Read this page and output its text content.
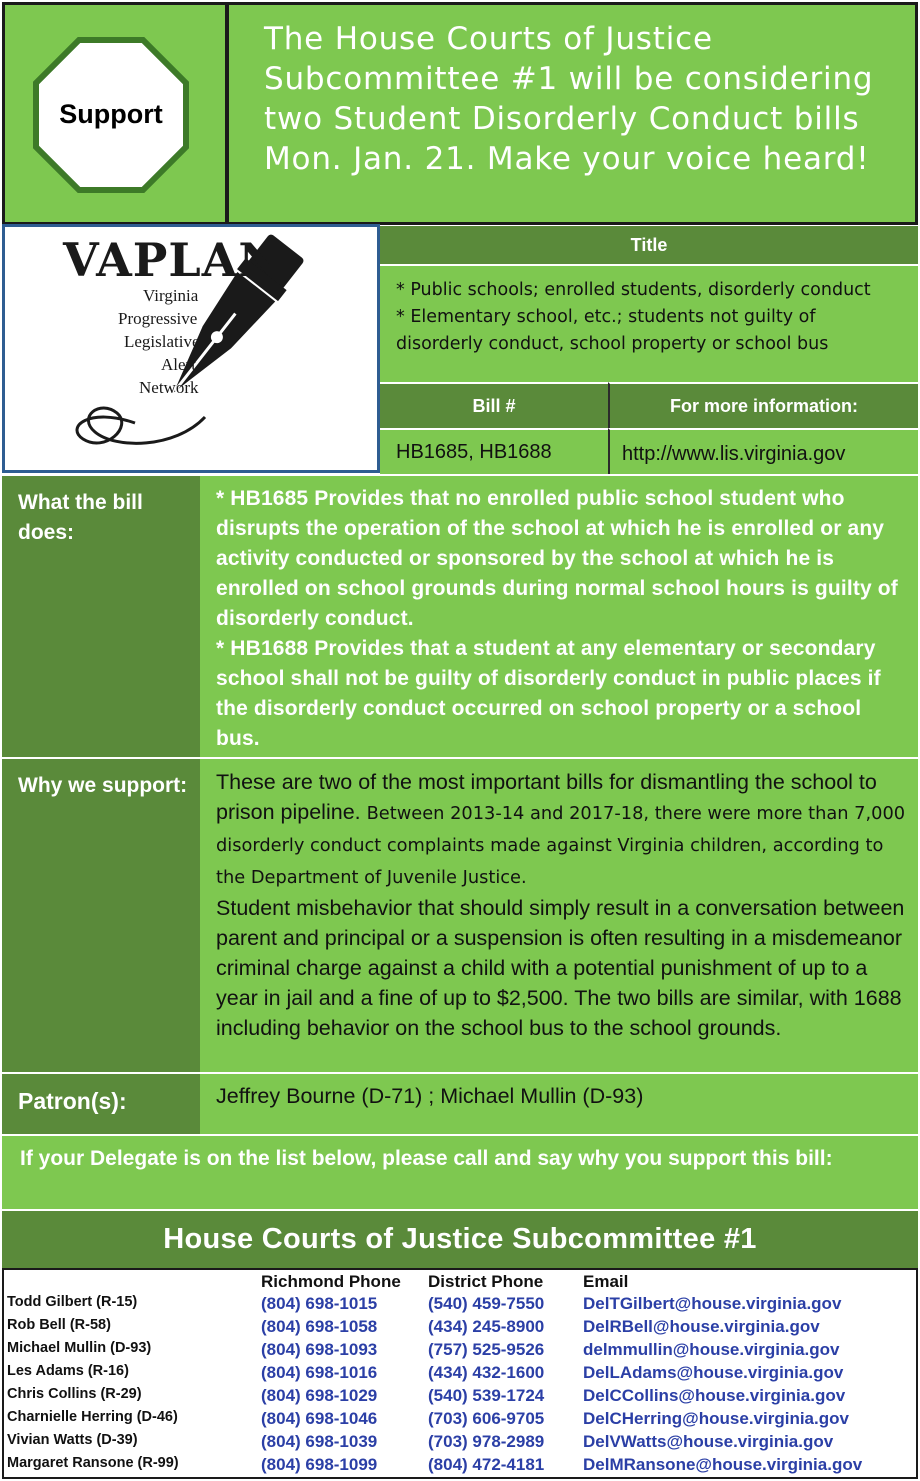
Support
The House Courts of Justice Subcommittee #1 will be considering two Student Disorderly Conduct bills Mon. Jan. 21. Make your voice heard!
VAPLAN
Virginia
Progressive
Legislative
Alert
Network
Title
* Public schools; enrolled students, disorderly conduct
* Elementary school, etc.; students not guilty of
disorderly conduct, school property or school bus
Bill #	For more information:
HB1685, HB1688	http://www.lis.virginia.gov
What the bill does:
* HB1685 Provides that no enrolled public school student who disrupts the operation of the school at which he is enrolled or any activity conducted or sponsored by the school at which he is enrolled on school grounds during normal school hours is guilty of disorderly conduct.
* HB1688 Provides that a student at any elementary or secondary school shall not be guilty of disorderly conduct in public places if the disorderly conduct occurred on school property or a school bus.
Why we support:	These are two of the most important bills for dismantling the school to prison pipeline. Between 2013-14 and 2017-18, there were more than 7,000 disorderly conduct complaints made against Virginia children, according to the Department of Juvenile Justice.
Student misbehavior that should simply result in a conversation between parent and principal or a suspension is often resulting in a misdemeanor criminal charge against a child with a potential punishment of up to a year in jail and a fine of up to $2,500. The two bills are similar, with 1688 including behavior on the school bus to the school grounds.
Patron(s):	Jeffrey Bourne (D-71) ; Michael Mullin (D-93)
If your Delegate is on the list below, please call and say why you support this bill:
House Courts of Justice Subcommittee #1
Richmond Phone District Phone Email
Todd Gilbert (R-15)	(804) 698-1015	(540) 459-7550 DelTGilbert@house.virginia.gov
Rob Bell (R-58)	(804) 698-1058	(434) 245-8900 DelRBell@house.virginia.gov
Michael Mullin (D-93)	(804) 698-1093	(757) 525-9526 delmmullin@house.virginia.gov
Les Adams (R-16)	(804) 698-1016	(434) 432-1600 DelLAdams@house.virginia.gov
Chris Collins (R-29)	(804) 698-1029	(540) 539-1724 DelCCollins@house.virginia.gov
Charnielle Herring (D-46)	(804) 698-1046	(703) 606-9705 DelCHerring@house.virginia.gov
Vivian Watts (D-39)	(804) 698-1039	(703) 978-2989 DelVWatts@house.virginia.gov
Margaret Ransone (R-99)	(804) 698-1099	(804) 472-4181 DelMRansone@house.virginia.gov
